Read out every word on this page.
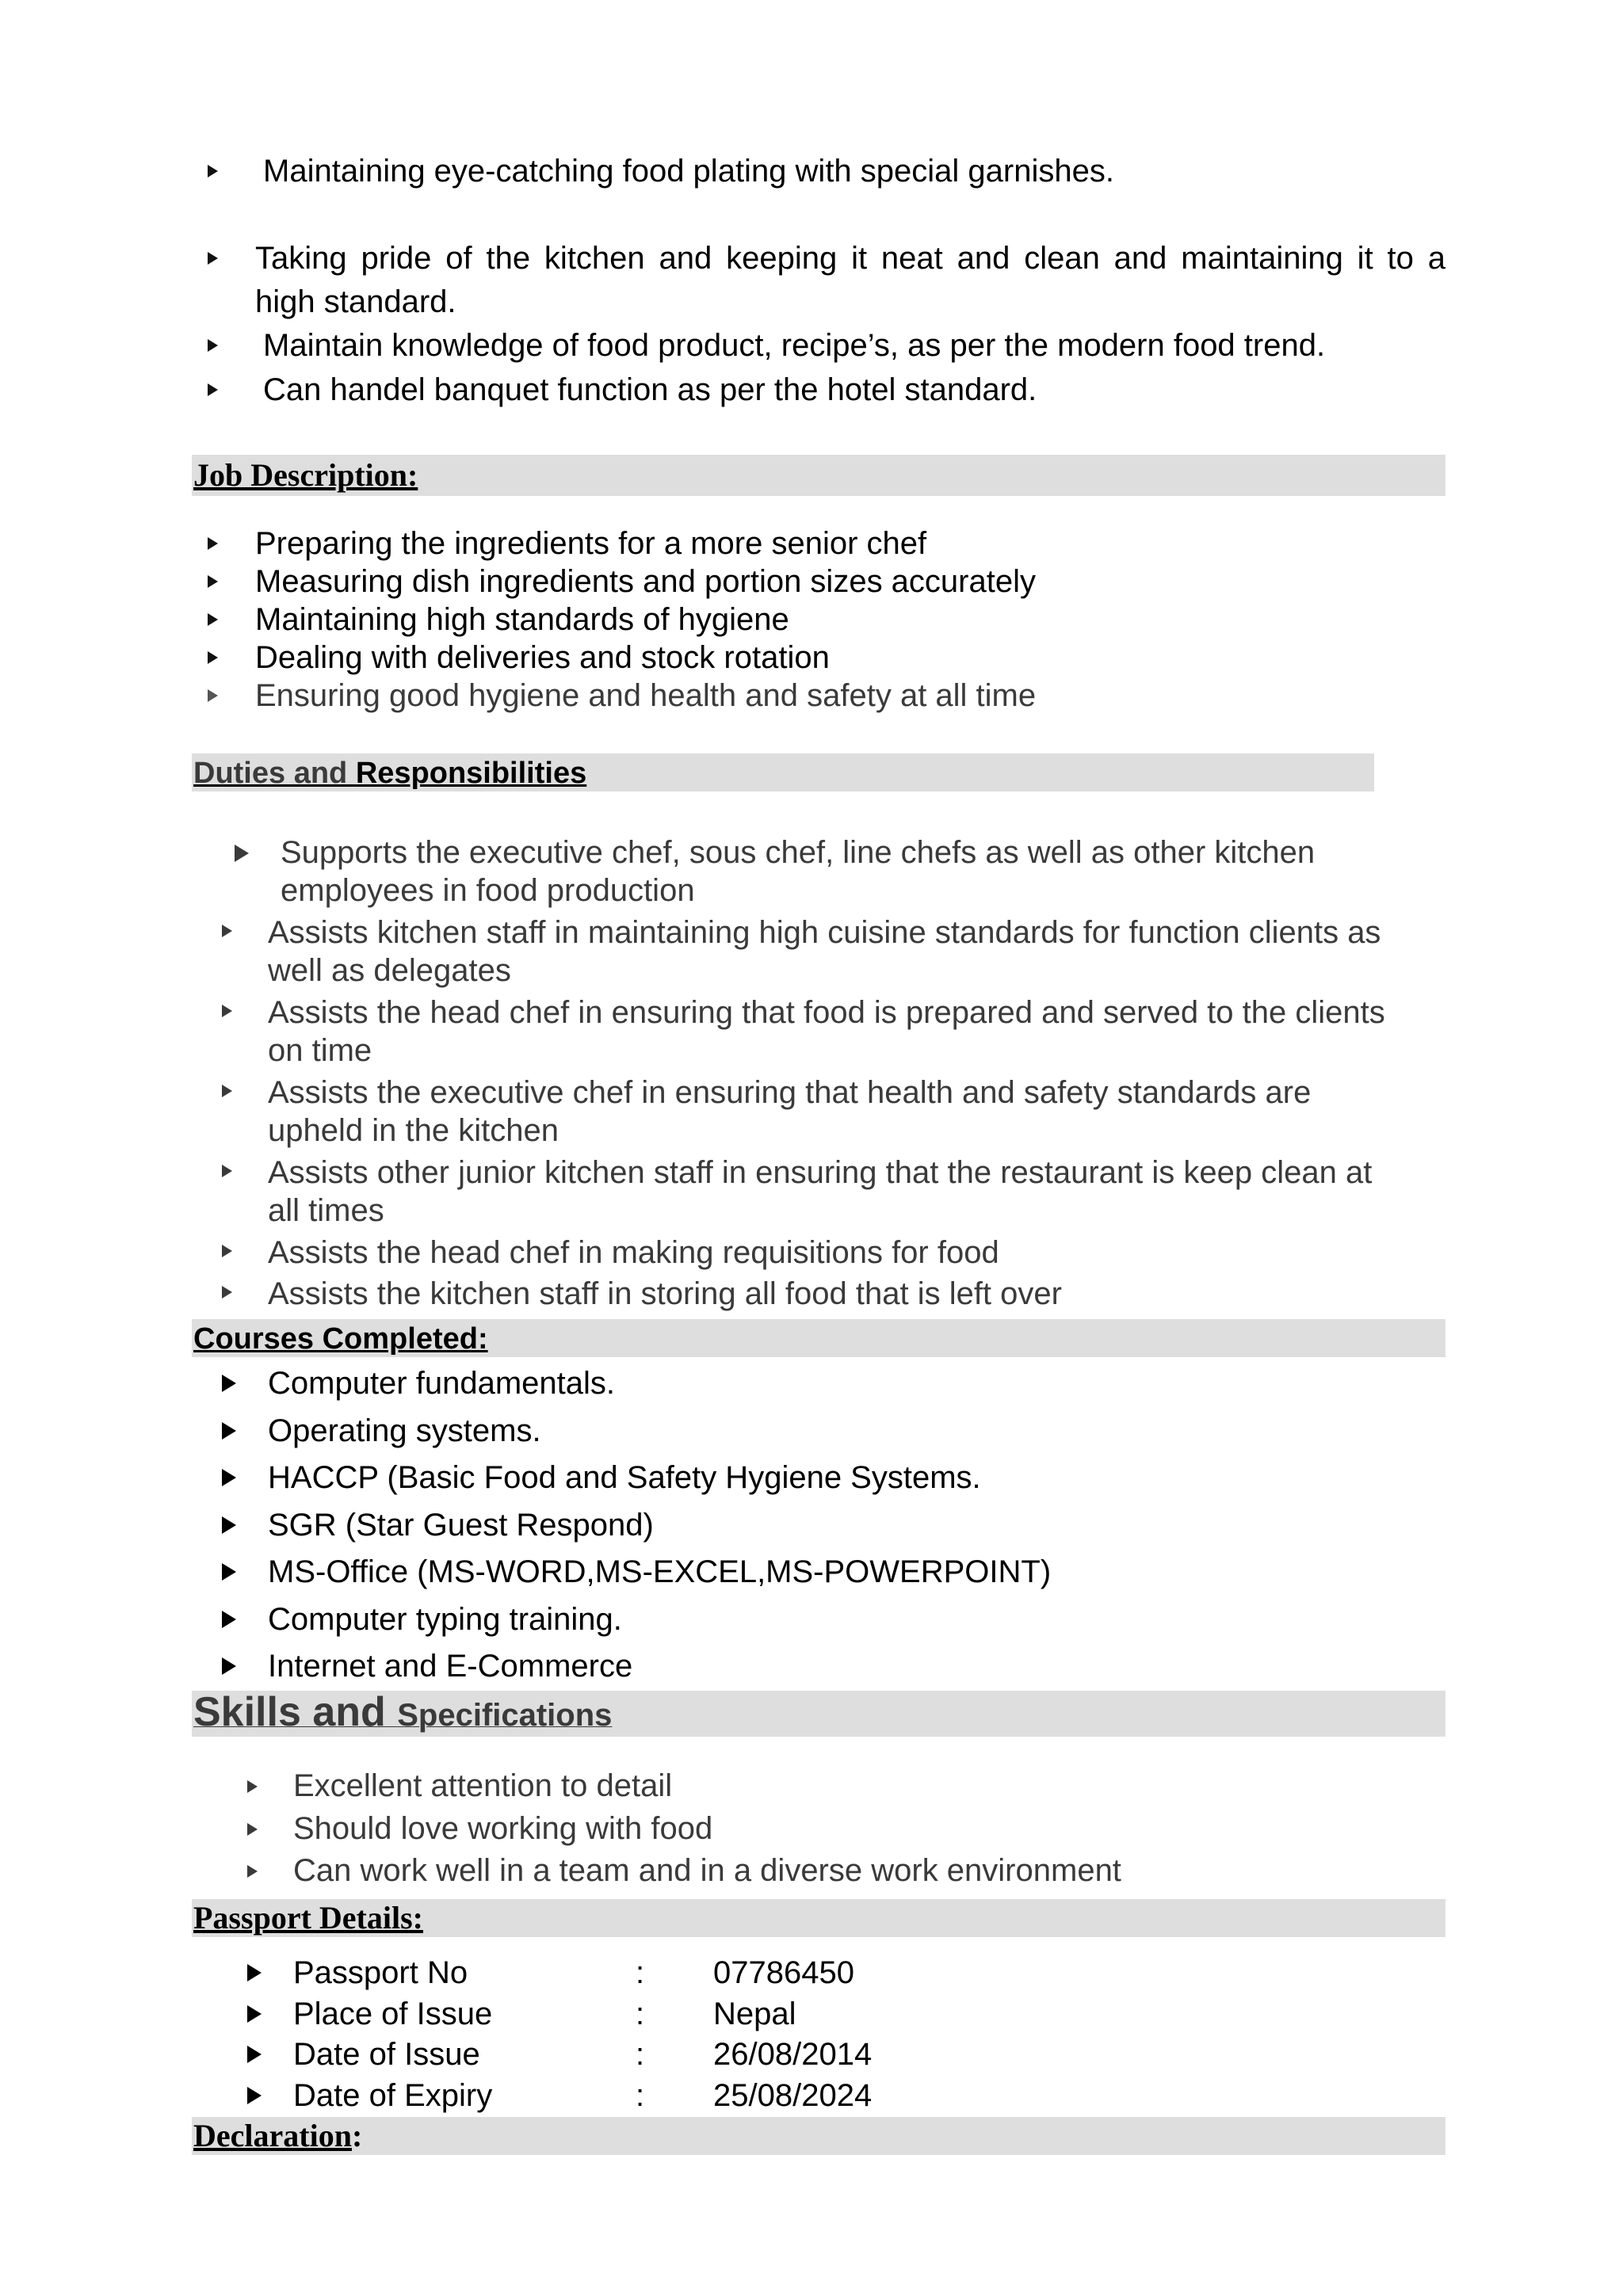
Maintaining eye-catching food plating with special garnishes.
Taking pride of the kitchen and keeping it neat and clean and maintaining it to a
high standard.
Maintain knowledge of food product, recipe’s, as per the modern food trend.
Can handel banquet function as per the hotel standard.
Job Description:
Preparing the ingredients for a more senior chef
Measuring dish ingredients and portion sizes accurately
Maintaining high standards of hygiene
Dealing with deliveries and stock rotation
Ensuring good hygiene and health and safety at all time
Duties and Responsibilities
Supports the executive chef, sous chef, line chefs as well as other kitchen
employees in food production
Assists kitchen staff in maintaining high cuisine standards for function clients as
well as delegates
Assists the head chef in ensuring that food is prepared and served to the clients
on time
Assists the executive chef in ensuring that health and safety standards are
upheld in the kitchen
Assists other junior kitchen staff in ensuring that the restaurant is keep clean at
all times
Assists the head chef in making requisitions for food
Assists the kitchen staff in storing all food that is left over
Courses Completed:
Computer fundamentals.
Operating systems.
HACCP (Basic Food and Safety Hygiene Systems.
SGR (Star Guest Respond)
MS-Office (MS-WORD,MS-EXCEL,MS-POWERPOINT)
Computer typing training.
Internet and E-Commerce
Skills and Specifications
Excellent attention to detail
Should love working with food
Can work well in a team and in a diverse work environment
Passport Details:
Passport No	: 07786450
Place of Issue	: Nepal
Date of Issue	: 26/08/2014
Date of Expiry	: 25/08/2024
Declaration:
